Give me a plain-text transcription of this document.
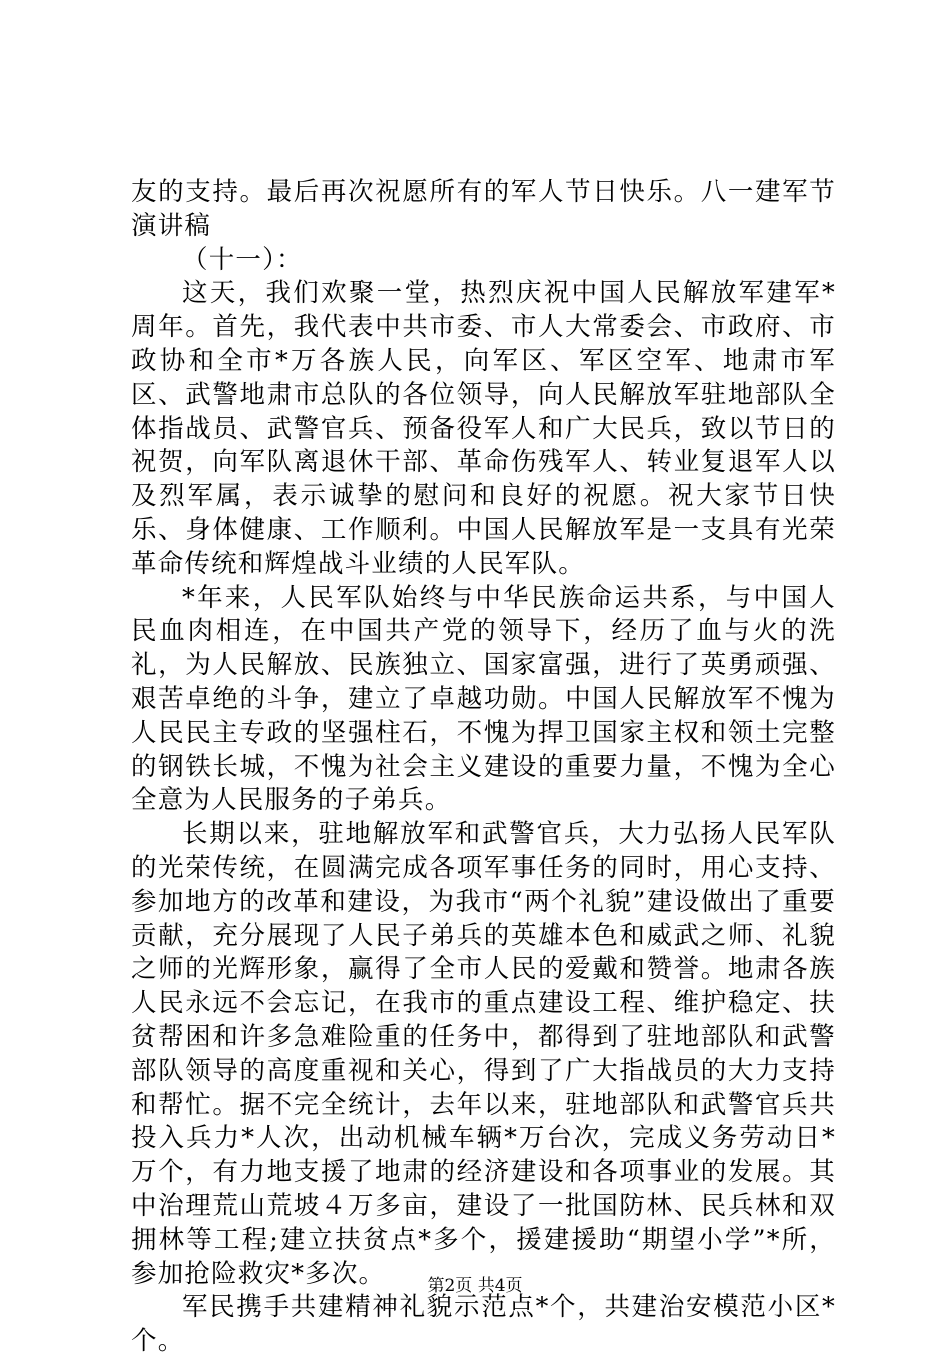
友的支持。最后再次祝愿所有的军人节日快乐。八一建军节演讲稿

（十一）：

这天，我们欢聚一堂，热烈庆祝中国人民解放军建军*周年。首先，我代表中共市委、市人大常委会、市政府、市政协和全市*万各族人民，向军区、军区空军、地肃市军区、武警地肃市总队的各位领导，向人民解放军驻地部队全体指战员、武警官兵、预备役军人和广大民兵，致以节日的祝贺，向军队离退休干部、革命伤残军人、转业复退军人以及烈军属，表示诚挚的慰问和良好的祝愿。祝大家节日快乐、身体健康、工作顺利。中国人民解放军是一支具有光荣革命传统和辉煌战斗业绩的人民军队。

*年来，人民军队始终与中华民族命运共系，与中国人民血肉相连，在中国共产党的领导下，经历了血与火的洗礼，为人民解放、民族独立、国家富强，进行了英勇顽强、艰苦卓绝的斗争，建立了卓越功勋。中国人民解放军不愧为人民民主专政的坚强柱石，不愧为捍卫国家主权和领土完整的钢铁长城，不愧为社会主义建设的重要力量，不愧为全心全意为人民服务的子弟兵。

长期以来，驻地解放军和武警官兵，大力弘扬人民军队的光荣传统，在圆满完成各项军事任务的同时，用心支持、参加地方的改革和建设，为我市“两个礼貌”建设做出了重要贡献，充分展现了人民子弟兵的英雄本色和威武之师、礼貌之师的光辉形象，赢得了全市人民的爱戴和赞誉。地肃各族人民永远不会忘记，在我市的重点建设工程、维护稳定、扶贫帮困和许多急难险重的任务中，都得到了驻地部队和武警部队领导的高度重视和关心，得到了广大指战员的大力支持和帮忙。据不完全统计，去年以来，驻地部队和武警官兵共投入兵力*人次，出动机械车辆*万台次，完成义务劳动日*万个，有力地支援了地肃的经济建设和各项事业的发展。其中治理荒山荒坡４万多亩，建设了一批国防林、民兵林和双拥林等工程;建立扶贫点*多个，援建援助“期望小学”*所，参加抢险救灾*多次。

军民携手共建精神礼貌示范点*个，共建治安模范小区*个。

第2页 共4页
